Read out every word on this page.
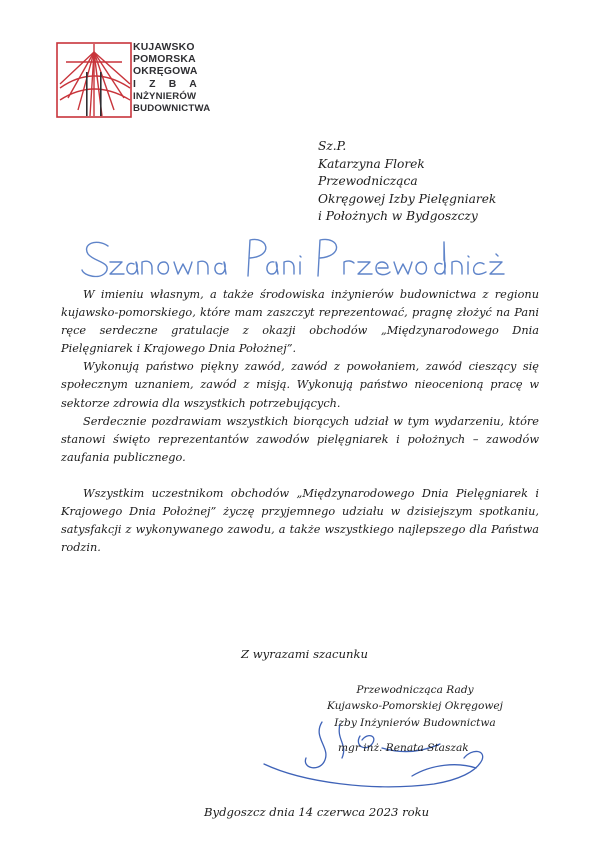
KUJAWSKO
POMORSKA
OKRĘGOWA
I Z B A
INŻYNIERÓW
BUDOWNICTWA
Sz.P.
Katarzyna Florek
Przewodnicząca
Okręgowej Izby Pielęgniarek
i Położnych w Bydgoszczy

W imieniu własnym, a także środowiska inżynierów budownictwa z regionu kujawsko-pomorskiego, które mam zaszczyt reprezentować, pragnę złożyć na Pani ręce serdeczne gratulacje z okazji obchodów „Międzynarodowego Dnia Pielęgniarek i Krajowego Dnia Położnej”.

Wykonują państwo piękny zawód, zawód z powołaniem, zawód cieszący się społecznym uznaniem, zawód z misją. Wykonują państwo nieocenioną pracę w sektorze zdrowia dla wszystkich potrzebujących.

Serdecznie pozdrawiam wszystkich biorących udział w tym wydarzeniu, które stanowi święto reprezentantów zawodów pielęgniarek i położnych – zawodów zaufania publicznego.

Wszystkim uczestnikom obchodów „Międzynarodowego Dnia Pielęgniarek i Krajowego Dnia Położnej” życzę przyjemnego udziału w dzisiejszym spotkaniu, satysfakcji z wykonywanego zawodu, a także wszystkiego najlepszego dla Państwa rodzin.

Z wyrazami szacunku
Przewodnicząca Rady
Kujawsko-Pomorskiej Okręgowej
Izby Inżynierów Budownictwa
mgr inż. Renata Staszak
Bydgoszcz dnia 14 czerwca 2023 roku
